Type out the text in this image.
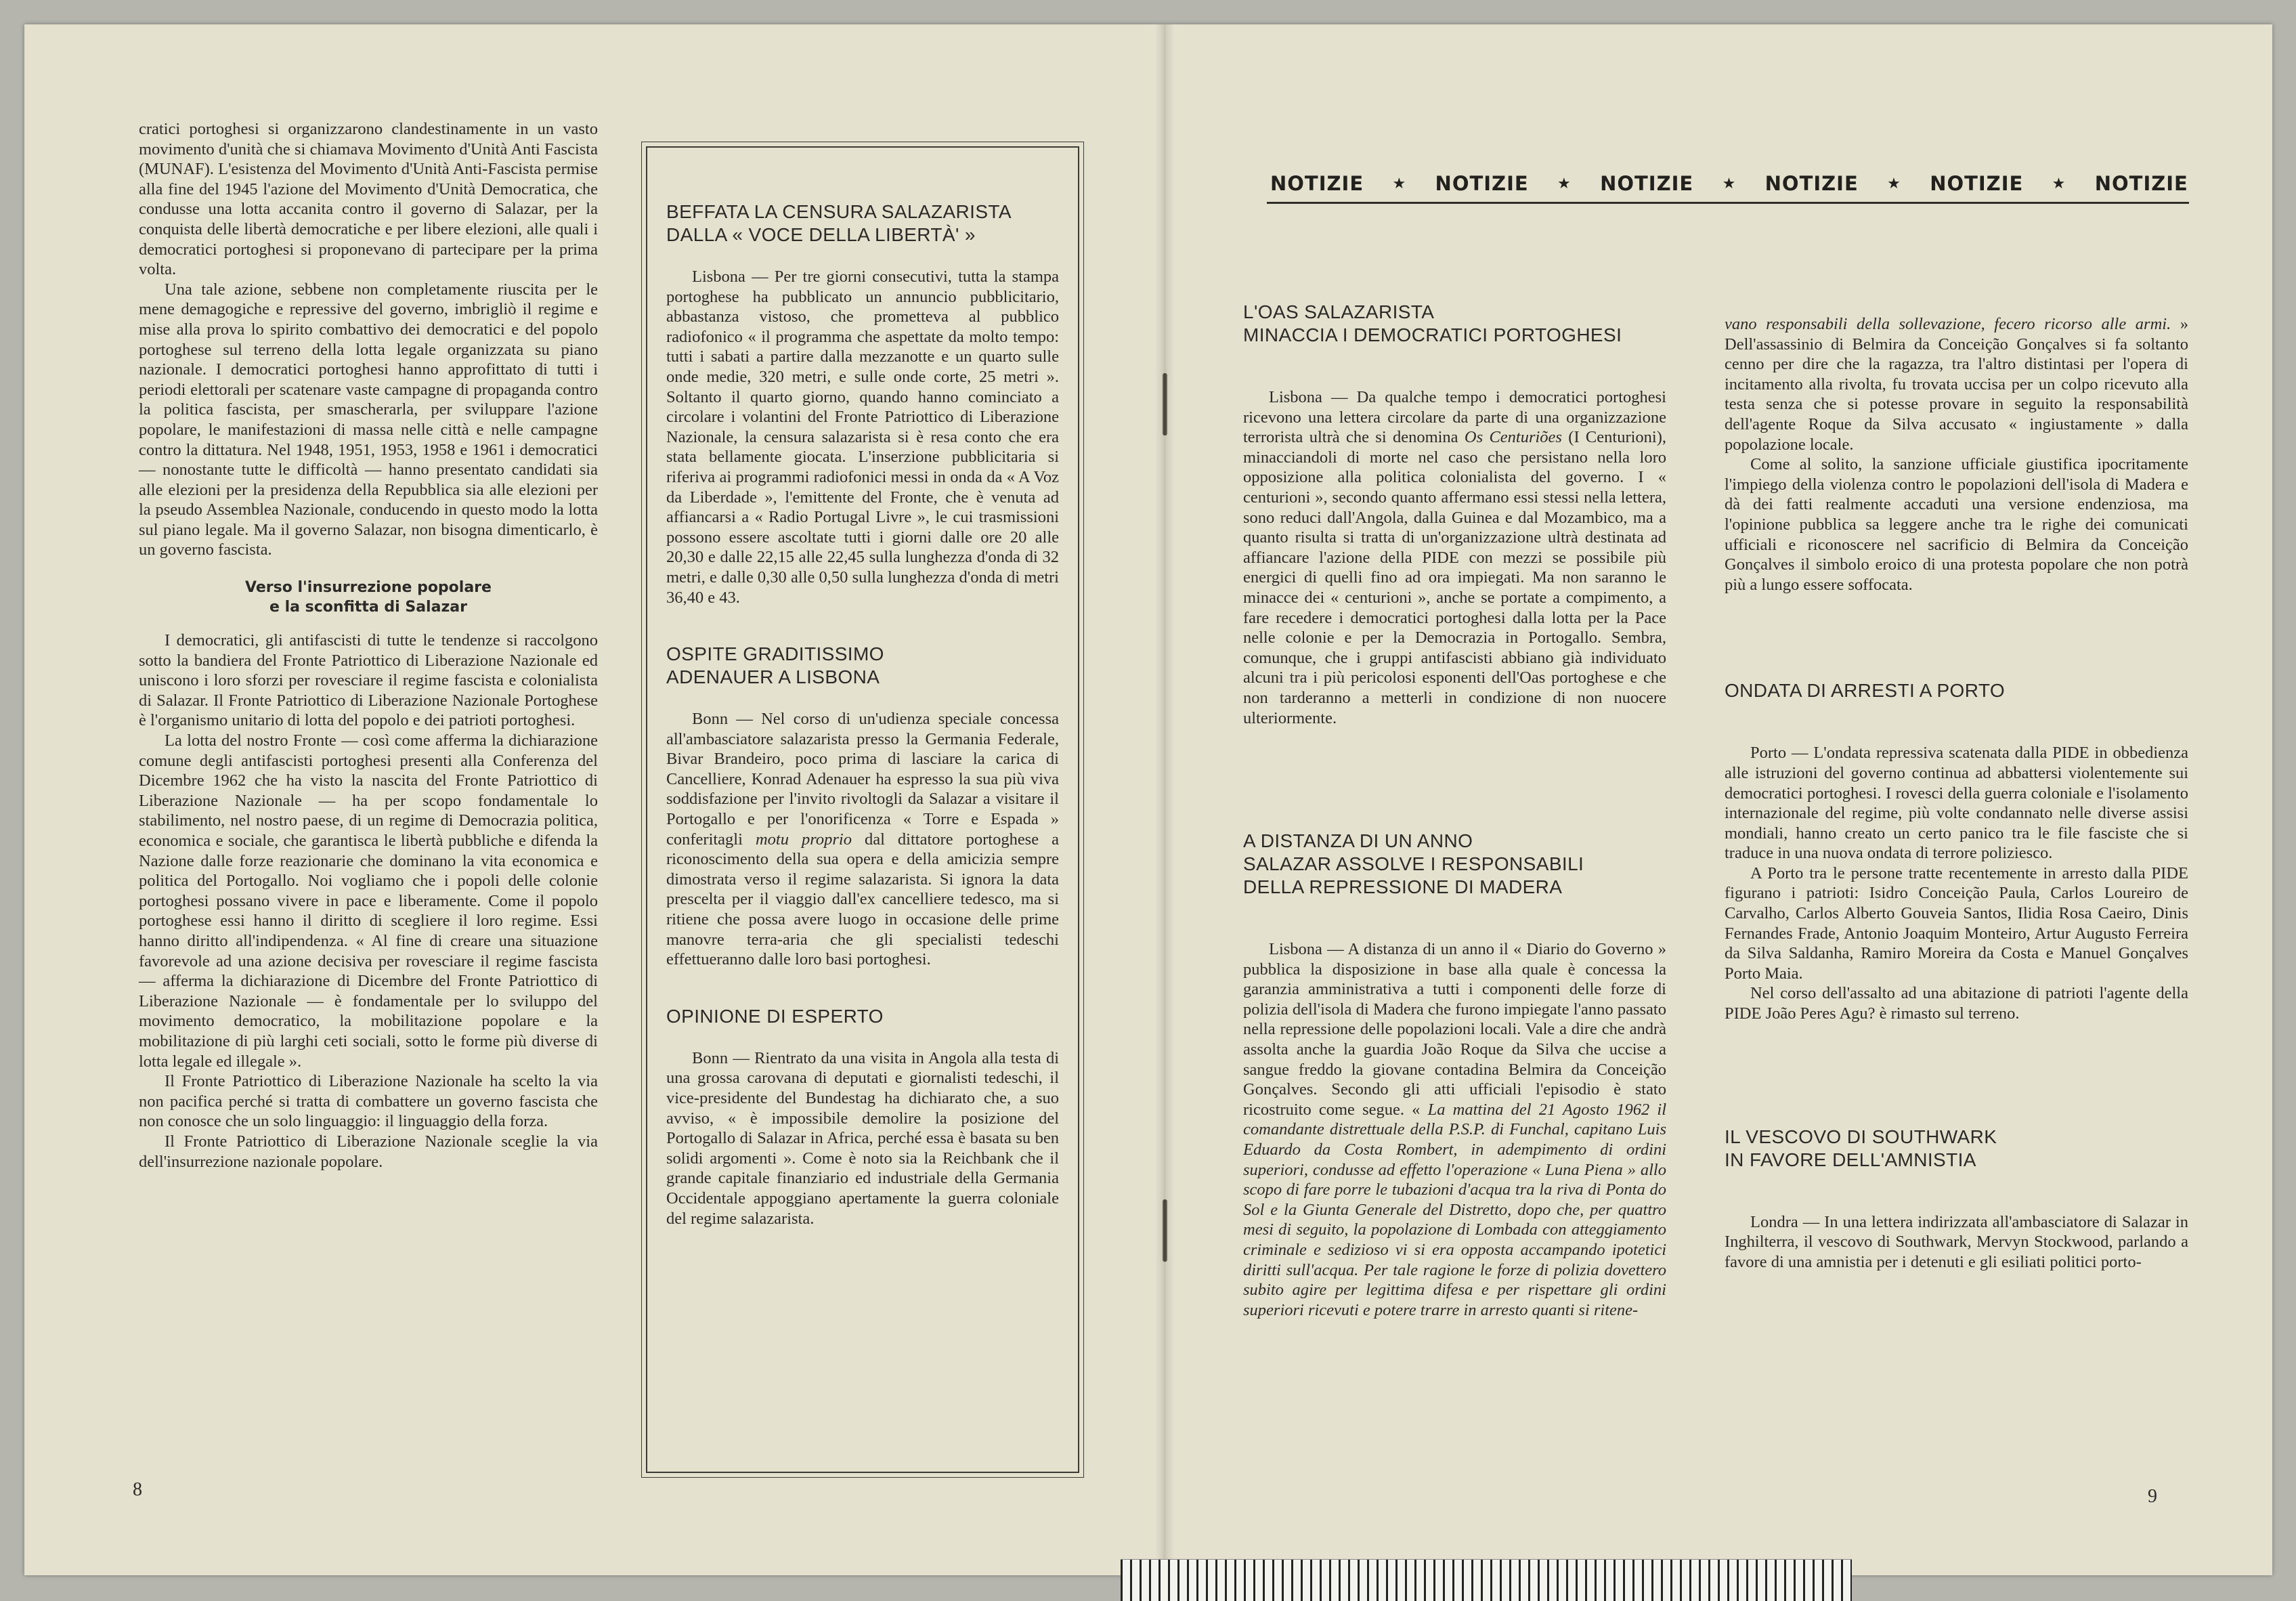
cratici portoghesi si organizzarono clandestinamente in un vasto movimento d'unità che si chiamava Movimento d'Unità Anti Fascista (MUNAF). L'esistenza del Movimento d'Unità Anti-Fascista permise alla fine del 1945 l'azione del Movimento d'Unità Democratica, che condusse una lotta accanita contro il governo di Salazar, per la conquista delle libertà democratiche e per libere elezioni, alle quali i democratici portoghesi si proponevano di partecipare per la prima volta.

Una tale azione, sebbene non completamente riuscita per le mene demagogiche e repressive del governo, imbrigliò il regime e mise alla prova lo spirito combattivo dei democratici e del popolo portoghese sul terreno della lotta legale organizzata su piano nazionale. I democratici portoghesi hanno approfittato di tutti i periodi elettorali per scatenare vaste campagne di propaganda contro la politica fascista, per smascherarla, per sviluppare l'azione popolare, le manifestazioni di massa nelle città e nelle campagne contro la dittatura. Nel 1948, 1951, 1953, 1958 e 1961 i democratici — nonostante tutte le difficoltà — hanno presentato candidati sia alle elezioni per la presidenza della Repubblica sia alle elezioni per la pseudo Assemblea Nazionale, conducendo in questo modo la lotta sul piano legale. Ma il governo Salazar, non bisogna dimenticarlo, è un governo fascista.

Verso l'insurrezione popolare
e la sconfitta di Salazar

I democratici, gli antifascisti di tutte le tendenze si raccolgono sotto la bandiera del Fronte Patriottico di Liberazione Nazionale ed uniscono i loro sforzi per rovesciare il regime fascista e colonialista di Salazar. Il Fronte Patriottico di Liberazione Nazionale Portoghese è l'organismo unitario di lotta del popolo e dei patrioti portoghesi.

La lotta del nostro Fronte — così come afferma la dichiarazione comune degli antifascisti portoghesi presenti alla Conferenza del Dicembre 1962 che ha visto la nascita del Fronte Patriottico di Liberazione Nazionale — ha per scopo fondamentale lo stabilimento, nel nostro paese, di un regime di Democrazia politica, economica e sociale, che garantisca le libertà pubbliche e difenda la Nazione dalle forze reazionarie che dominano la vita economica e politica del Portogallo. Noi vogliamo che i popoli delle colonie portoghesi possano vivere in pace e liberamente. Come il popolo portoghese essi hanno il diritto di scegliere il loro regime. Essi hanno diritto all'indipendenza. « Al fine di creare una situazione favorevole ad una azione decisiva per rovesciare il regime fascista — afferma la dichiarazione di Dicembre del Fronte Patriottico di Liberazione Nazionale — è fondamentale per lo sviluppo del movimento democratico, la mobilitazione popolare e la mobilitazione di più larghi ceti sociali, sotto le forme più diverse di lotta legale ed illegale ».

Il Fronte Patriottico di Liberazione Nazionale ha scelto la via non pacifica perché si tratta di combattere un governo fascista che non conosce che un solo linguaggio: il linguaggio della forza.

Il Fronte Patriottico di Liberazione Nazionale sceglie la via dell'insurrezione nazionale popolare.

BEFFATA LA CENSURA SALAZARISTA
DALLA « VOCE DELLA LIBERTÀ' »

Lisbona — Per tre giorni consecutivi, tutta la stampa portoghese ha pubblicato un annuncio pubblicitario, abbastanza vistoso, che prometteva al pubblico radiofonico « il programma che aspettate da molto tempo: tutti i sabati a partire dalla mezzanotte e un quarto sulle onde medie, 320 metri, e sulle onde corte, 25 metri ». Soltanto il quarto giorno, quando hanno cominciato a circolare i volantini del Fronte Patriottico di Liberazione Nazionale, la censura salazarista si è resa conto che era stata bellamente giocata. L'inserzione pubblicitaria si riferiva ai programmi radiofonici messi in onda da « A Voz da Liberdade », l'emittente del Fronte, che è venuta ad affiancarsi a « Radio Portugal Livre », le cui trasmissioni possono essere ascoltate tutti i giorni dalle ore 20 alle 20,30 e dalle 22,15 alle 22,45 sulla lunghezza d'onda di 32 metri, e dalle 0,30 alle 0,50 sulla lunghezza d'onda di metri 36,40 e 43.

OSPITE GRADITISSIMO
ADENAUER A LISBONA

Bonn — Nel corso di un'udienza speciale concessa all'ambasciatore salazarista presso la Germania Federale, Bivar Brandeiro, poco prima di lasciare la carica di Cancelliere, Konrad Adenauer ha espresso la sua più viva soddisfazione per l'invito rivoltogli da Salazar a visitare il Portogallo e per l'onorificenza « Torre e Espada » conferitagli motu proprio dal dittatore portoghese a riconoscimento della sua opera e della amicizia sempre dimostrata verso il regime salazarista. Si ignora la data prescelta per il viaggio dall'ex cancelliere tedesco, ma si ritiene che possa avere luogo in occasione delle prime manovre terra-aria che gli specialisti tedeschi effettueranno dalle loro basi portoghesi.

OPINIONE DI ESPERTO

Bonn — Rientrato da una visita in Angola alla testa di una grossa carovana di deputati e giornalisti tedeschi, il vice-presidente del Bundestag ha dichiarato che, a suo avviso, « è impossibile demolire la posizione del Portogallo di Salazar in Africa, perché essa è basata su ben solidi argomenti ». Come è noto sia la Reichbank che il grande capitale finanziario ed industriale della Germania Occidentale appoggiano apertamente la guerra coloniale del regime salazarista.

8
NOTIZIE ★ NOTIZIE ★ NOTIZIE ★ NOTIZIE ★ NOTIZIE ★ NOTIZIE
L'OAS SALAZARISTA
MINACCIA I DEMOCRATICI PORTOGHESI

Lisbona — Da qualche tempo i democratici portoghesi ricevono una lettera circolare da parte di una organizzazione terrorista ultrà che si denomina Os Centuriões (I Centurioni), minacciandoli di morte nel caso che persistano nella loro opposizione alla politica colonialista del governo. I « centurioni », secondo quanto affermano essi stessi nella lettera, sono reduci dall'Angola, dalla Guinea e dal Mozambico, ma a quanto risulta si tratta di un'organizzazione ultrà destinata ad affiancare l'azione della PIDE con mezzi se possibile più energici di quelli fino ad ora impiegati. Ma non saranno le minacce dei « centurioni », anche se portate a compimento, a fare recedere i democratici portoghesi dalla lotta per la Pace nelle colonie e per la Democrazia in Portogallo. Sembra, comunque, che i gruppi antifascisti abbiano già individuato alcuni tra i più pericolosi esponenti dell'Oas portoghese e che non tarderanno a metterli in condizione di non nuocere ulteriormente.

A DISTANZA DI UN ANNO
SALAZAR ASSOLVE I RESPONSABILI
DELLA REPRESSIONE DI MADERA

Lisbona — A distanza di un anno il « Diario do Governo » pubblica la disposizione in base alla quale è concessa la garanzia amministrativa a tutti i componenti delle forze di polizia dell'isola di Madera che furono impiegate l'anno passato nella repressione delle popolazioni locali. Vale a dire che andrà assolta anche la guardia João Roque da Silva che uccise a sangue freddo la giovane contadina Belmira da Conceição Gonçalves. Secondo gli atti ufficiali l'episodio è stato ricostruito come segue. « La mattina del 21 Agosto 1962 il comandante distrettuale della P.S.P. di Funchal, capitano Luis Eduardo da Costa Rombert, in adempimento di ordini superiori, condusse ad effetto l'operazione « Luna Piena » allo scopo di fare porre le tubazioni d'acqua tra la riva di Ponta do Sol e la Giunta Generale del Distretto, dopo che, per quattro mesi di seguito, la popolazione di Lombada con atteggiamento criminale e sedizioso vi si era opposta accampando ipotetici diritti sull'acqua. Per tale ragione le forze di polizia dovettero subito agire per legittima difesa e per rispettare gli ordini superiori ricevuti e potere trarre in arresto quanti si ritene-

vano responsabili della sollevazione, fecero ricorso alle armi. » Dell'assassinio di Belmira da Conceição Gonçalves si fa soltanto cenno per dire che la ragazza, tra l'altro distintasi per l'opera di incitamento alla rivolta, fu trovata uccisa per un colpo ricevuto alla testa senza che si potesse provare in seguito la responsabilità dell'agente Roque da Silva accusato « ingiustamente » dalla popolazione locale.

Come al solito, la sanzione ufficiale giustifica ipocritamente l'impiego della violenza contro le popolazioni dell'isola di Madera e dà dei fatti realmente accaduti una versione endenziosa, ma l'opinione pubblica sa leggere anche tra le righe dei comunicati ufficiali e riconoscere nel sacrificio di Belmira da Conceição Gonçalves il simbolo eroico di una protesta popolare che non potrà più a lungo essere soffocata.

ONDATA DI ARRESTI A PORTO

Porto — L'ondata repressiva scatenata dalla PIDE in obbedienza alle istruzioni del governo continua ad abbattersi violentemente sui democratici portoghesi. I rovesci della guerra coloniale e l'isolamento internazionale del regime, più volte condannato nelle diverse assisi mondiali, hanno creato un certo panico tra le file fasciste che si traduce in una nuova ondata di terrore poliziesco.

A Porto tra le persone tratte recentemente in arresto dalla PIDE figurano i patrioti: Isidro Conceição Paula, Carlos Loureiro de Carvalho, Carlos Alberto Gouveia Santos, Ilidia Rosa Caeiro, Dinis Fernandes Frade, Antonio Joaquim Monteiro, Artur Augusto Ferreira da Silva Saldanha, Ramiro Moreira da Costa e Manuel Gonçalves Porto Maia.

Nel corso dell'assalto ad una abitazione di patrioti l'agente della PIDE João Peres Agu? è rimasto sul terreno.

IL VESCOVO DI SOUTHWARK
IN FAVORE DELL'AMNISTIA

Londra — In una lettera indirizzata all'ambasciatore di Salazar in Inghilterra, il vescovo di Southwark, Mervyn Stockwood, parlando a favore di una amnistia per i detenuti e gli esiliati politici porto-

9
